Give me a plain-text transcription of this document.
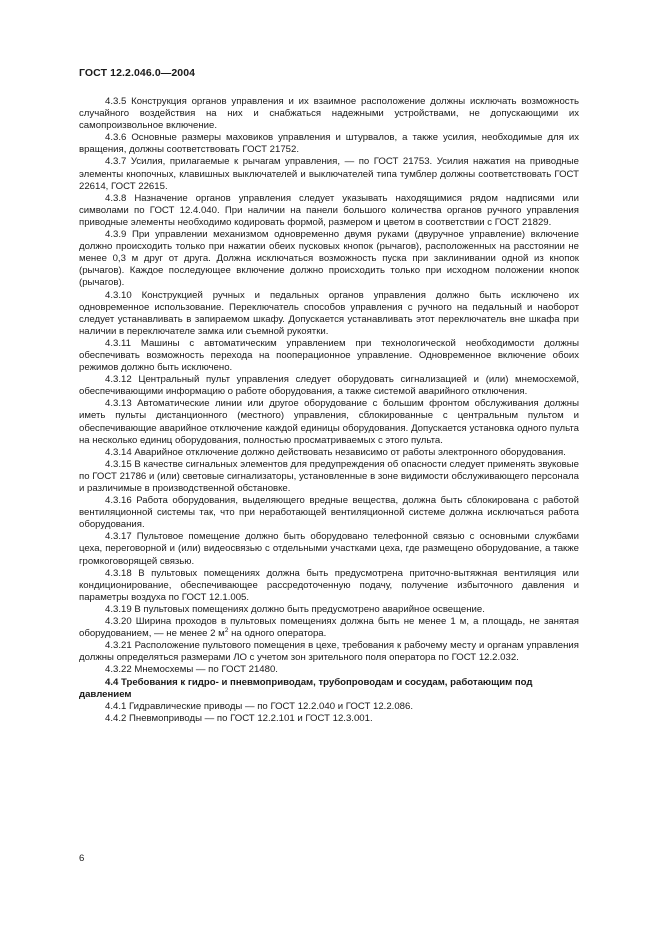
ГОСТ 12.2.046.0—2004

4.3.5 Конструкция органов управления и их взаимное расположение должны исключать возможность случайного воздействия на них и снабжаться надежными устройствами, не допускающими их самопроизвольное включение.

4.3.6 Основные размеры маховиков управления и штурвалов, а также усилия, необходимые для их вращения, должны соответствовать ГОСТ 21752.

4.3.7 Усилия, прилагаемые к рычагам управления, — по ГОСТ 21753. Усилия нажатия на приводные элементы кнопочных, клавишных выключателей и выключателей типа тумблер должны соответствовать ГОСТ 22614, ГОСТ 22615.

4.3.8 Назначение органов управления следует указывать находящимися рядом надписями или символами по ГОСТ 12.4.040. При наличии на панели большого количества органов ручного управления приводные элементы необходимо кодировать формой, размером и цветом в соответствии с ГОСТ 21829.

4.3.9 При управлении механизмом одновременно двумя руками (двуручное управление) включение должно происходить только при нажатии обеих пусковых кнопок (рычагов), расположенных на расстоянии не менее 0,3 м друг от друга. Должна исключаться возможность пуска при заклинивании одной из кнопок (рычагов). Каждое последующее включение должно происходить только при исходном положении кнопок (рычагов).

4.3.10 Конструкцией ручных и педальных органов управления должно быть исключено их одновременное использование. Переключатель способов управления с ручного на педальный и наоборот следует устанавливать в запираемом шкафу. Допускается устанавливать этот переключатель вне шкафа при наличии в переключателе замка или съемной рукоятки.

4.3.11 Машины с автоматическим управлением при технологической необходимости должны обеспечивать возможность перехода на пооперационное управление. Одновременное включение обоих режимов должно быть исключено.

4.3.12 Центральный пульт управления следует оборудовать сигнализацией и (или) мнемосхемой, обеспечивающими информацию о работе оборудования, а также системой аварийного отключения.

4.3.13 Автоматические линии или другое оборудование с большим фронтом обслуживания должны иметь пульты дистанционного (местного) управления, сблокированные с центральным пультом и обеспечивающие аварийное отключение каждой единицы оборудования. Допускается установка одного пульта на несколько единиц оборудования, полностью просматриваемых с этого пульта.

4.3.14 Аварийное отключение должно действовать независимо от работы электронного оборудования.

4.3.15 В качестве сигнальных элементов для предупреждения об опасности следует применять звуковые по ГОСТ 21786 и (или) световые сигнализаторы, установленные в зоне видимости обслуживающего персонала и различимые в производственной обстановке.

4.3.16 Работа оборудования, выделяющего вредные вещества, должна быть сблокирована с работой вентиляционной системы так, что при неработающей вентиляционной системе должна исключаться работа оборудования.

4.3.17 Пультовое помещение должно быть оборудовано телефонной связью с основными службами цеха, переговорной и (или) видеосвязью с отдельными участками цеха, где размещено оборудование, а также громкоговорящей связью.

4.3.18 В пультовых помещениях должна быть предусмотрена приточно-вытяжная вентиляция или кондиционирование, обеспечивающее рассредоточенную подачу, получение избыточного давления и параметры воздуха по ГОСТ 12.1.005.

4.3.19 В пультовых помещениях должно быть предусмотрено аварийное освещение.

4.3.20 Ширина проходов в пультовых помещениях должна быть не менее 1 м, а площадь, не занятая оборудованием, — не менее 2 $м^2$ на одного оператора.

4.3.21 Расположение пультового помещения в цехе, требования к рабочему месту и органам управления должны определяться размерами ЛО с учетом зон зрительного поля оператора по ГОСТ 12.2.032.

4.3.22 Мнемосхемы — по ГОСТ 21480.

4.4 Требования к гидро- и пневмоприводам, трубопроводам и сосудам, работающим под давлением

4.4.1 Гидравлические приводы — по ГОСТ 12.2.040 и ГОСТ 12.2.086.

4.4.2 Пневмоприводы — по ГОСТ 12.2.101 и ГОСТ 12.3.001.

6
